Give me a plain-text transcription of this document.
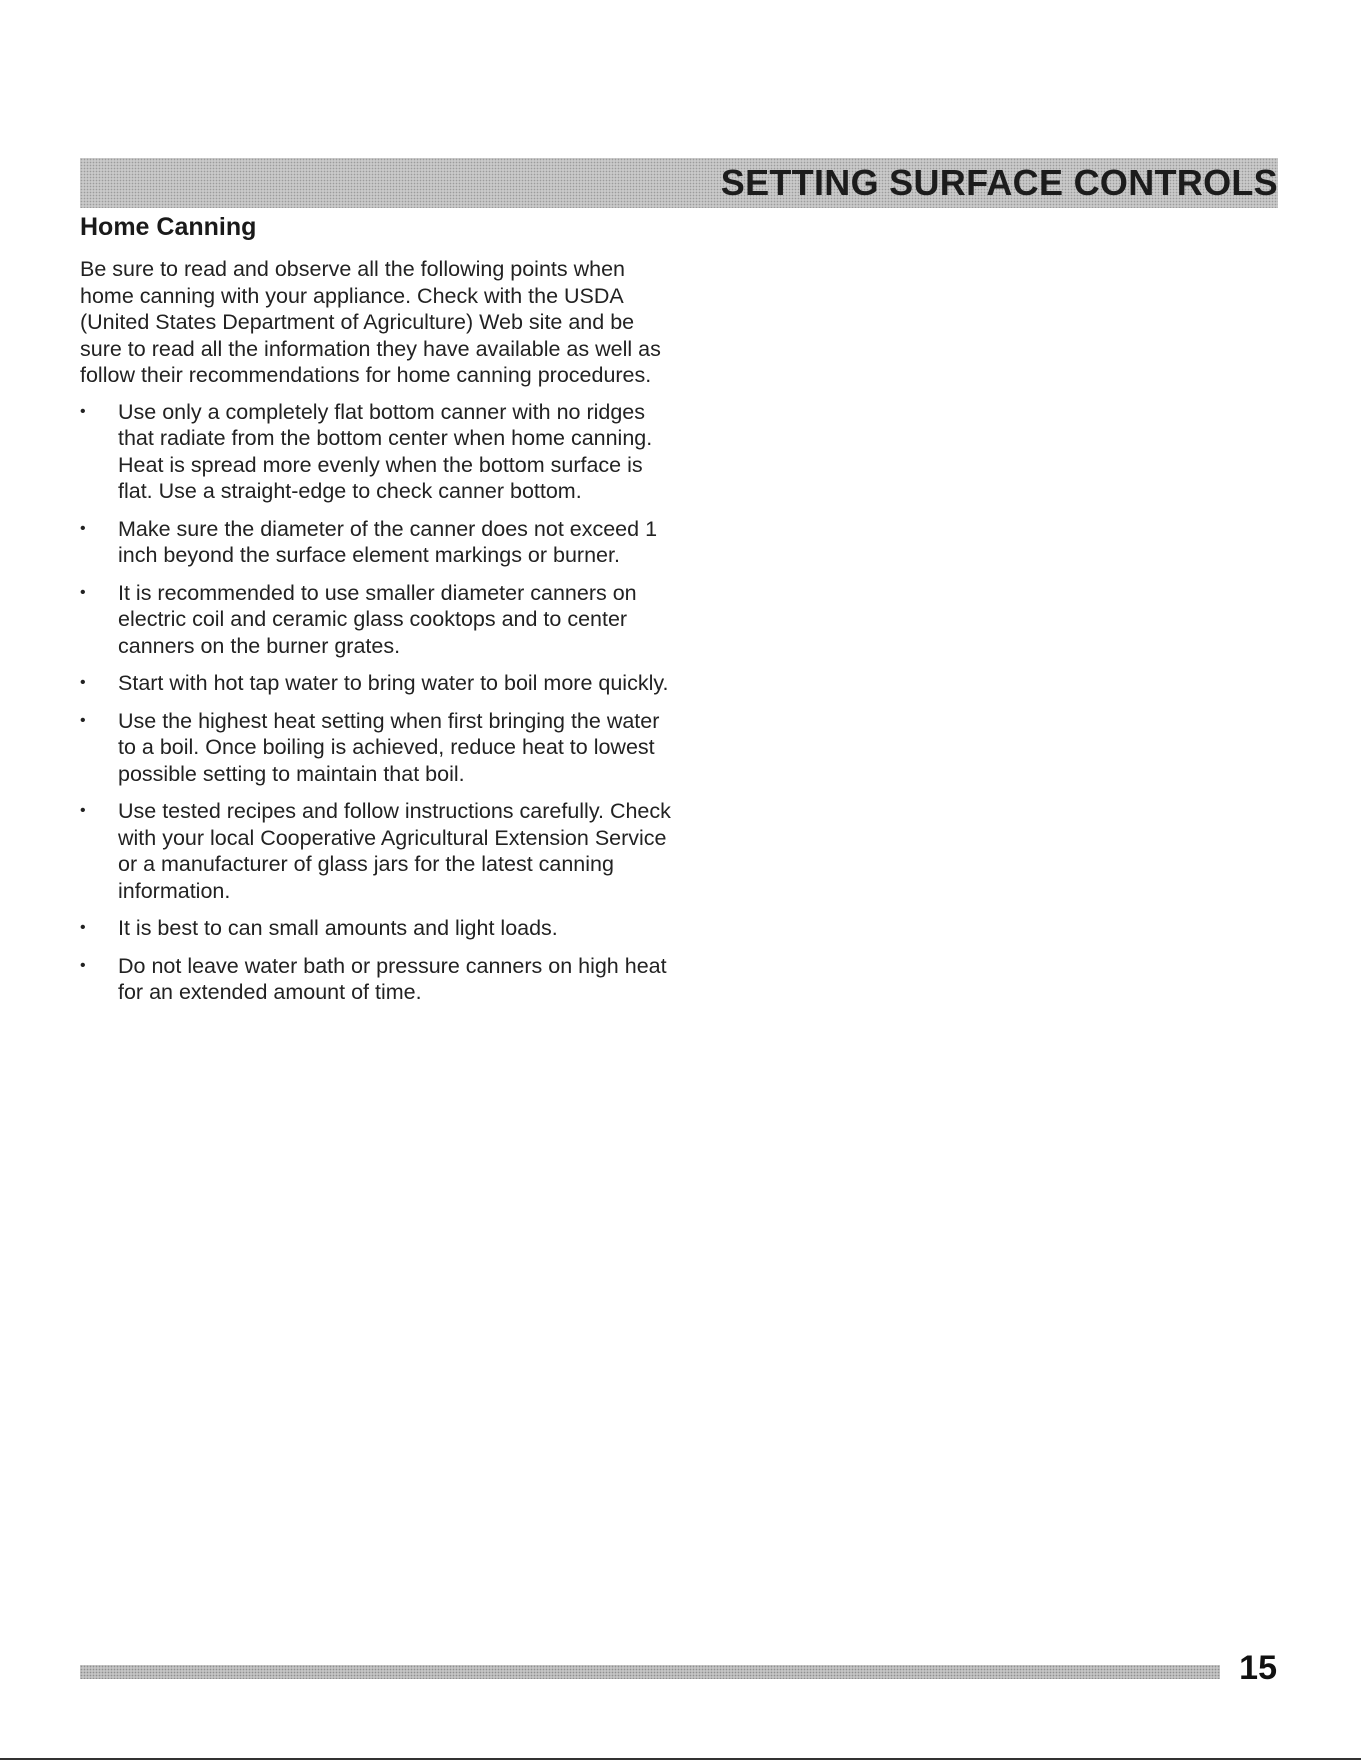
SETTING SURFACE CONTROLS
Home Canning

Be sure to read and observe all the following points when home canning with your appliance. Check with the USDA (United States Department of Agriculture) Web site and be sure to read all the information they have available as well as follow their recommendations for home canning procedures.

•	Use only a completely flat bottom canner with no ridges that radiate from the bottom center when home canning. Heat is spread more evenly when the bottom surface is flat. Use a straight-edge to check canner bottom.
•	Make sure the diameter of the canner does not exceed 1 inch beyond the surface element markings or burner.
•	It is recommended to use smaller diameter canners on electric coil and ceramic glass cooktops and to center canners on the burner grates.
•	Start with hot tap water to bring water to boil more quickly.
•	Use the highest heat setting when first bringing the water to a boil. Once boiling is achieved, reduce heat to lowest possible setting to maintain that boil.
•	Use tested recipes and follow instructions carefully. Check with your local Cooperative Agricultural Extension Service or a manufacturer of glass jars for the latest canning information.
•	It is best to can small amounts and light loads.
•	Do not leave water bath or pressure canners on high heat for an extended amount of time.
15
